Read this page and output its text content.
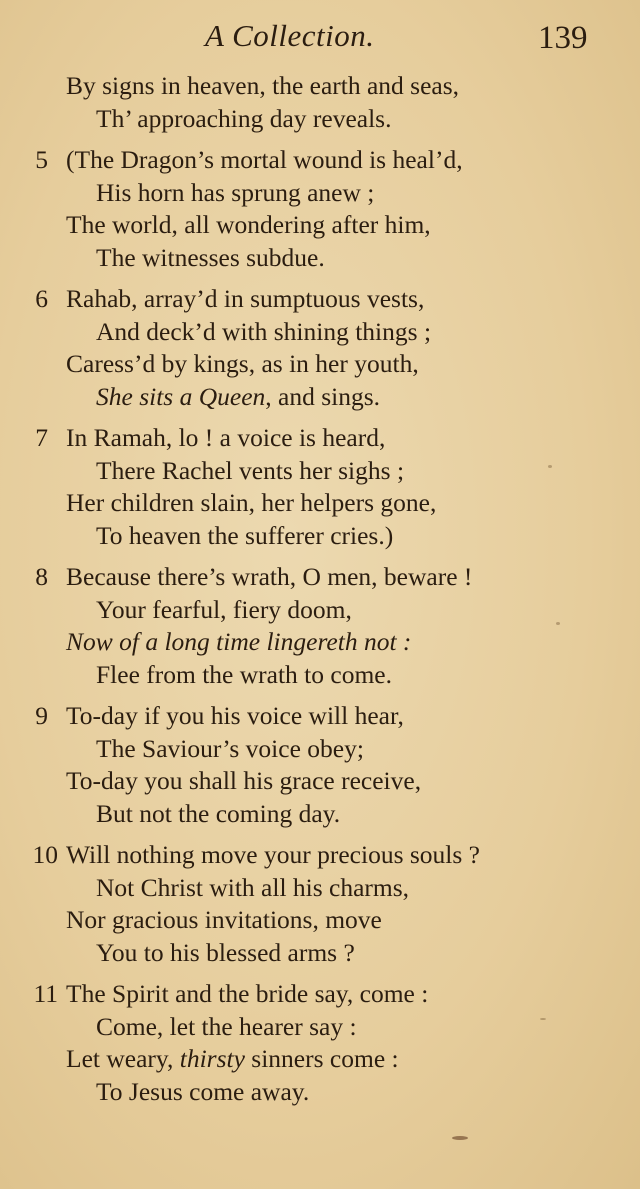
A Collection.	139
By signs in heaven, the earth and seas,
Th’ approaching day reveals.
5 (The Dragon’s mortal wound is heal’d,
His horn has sprung anew ;
The world, all wondering after him,
The witnesses subdue.
6 Rahab, array’d in sumptuous vests,
And deck’d with shining things ;
Caress’d by kings, as in her youth,
She sits a Queen, and sings.
7 In Ramah, lo ! a voice is heard,
There Rachel vents her sighs ;
Her children slain, her helpers gone,
To heaven the sufferer cries.)
8 Because there’s wrath, O men, beware !
Your fearful, fiery doom,
Now of a long time lingereth not :
Flee from the wrath to come.
9 To-day if you his voice will hear,
The Saviour’s voice obey;
To-day you shall his grace receive,
But not the coming day.
10 Will nothing move your precious souls ?
Not Christ with all his charms,
Nor gracious invitations, move
You to his blessed arms ?
11 The Spirit and the bride say, come :
Come, let the hearer say :
Let weary, thirsty sinners come :
To Jesus come away.
